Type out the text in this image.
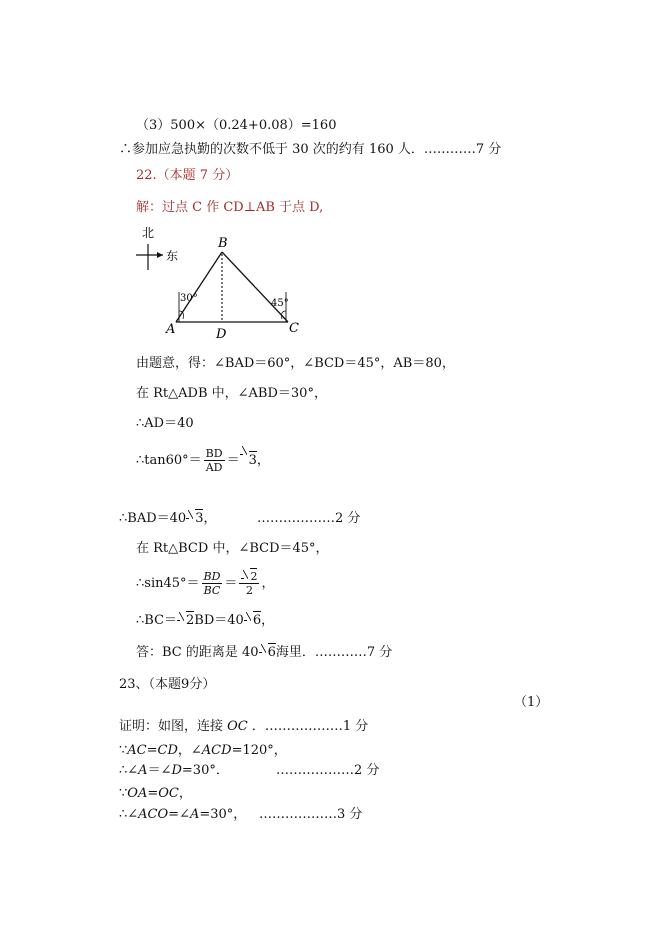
（3）500×（0.24+0.08）=160
∴参加应急执勤的次数不低于 30 次的约有 160 人．…………7 分
22.（本题 7 分）
解：过点 C 作 CD⊥AB 于点 D,
北
东
30°	45°
B
A	C
D
由题意，得：∠BAD＝60°，∠BCD＝45°，AB＝80，
在 Rt△ADB 中，∠ABD＝30°，
∴AD＝40
∴tan60°＝ $\frac{BD}{AD} = 3$，
∴BAD＝40 3，	………………2 分
在 Rt△BCD 中，∠BCD＝45°，
∴sin45°＝ $\frac{BD}{BC} = \frac{2}{2}$ ，
∴BC＝ 2BD＝40 6，
答：BC 的距离是 40 6海里．…………7 分
23、（本题9分）
（1）
证明：如图，连接 OC ．………………1 分
∵AC=CD，∠ACD=120°，
∴∠A＝∠D=30°．	………………2 分
∵OA=OC，
∴∠ACO=∠A=30°， ………………3 分
